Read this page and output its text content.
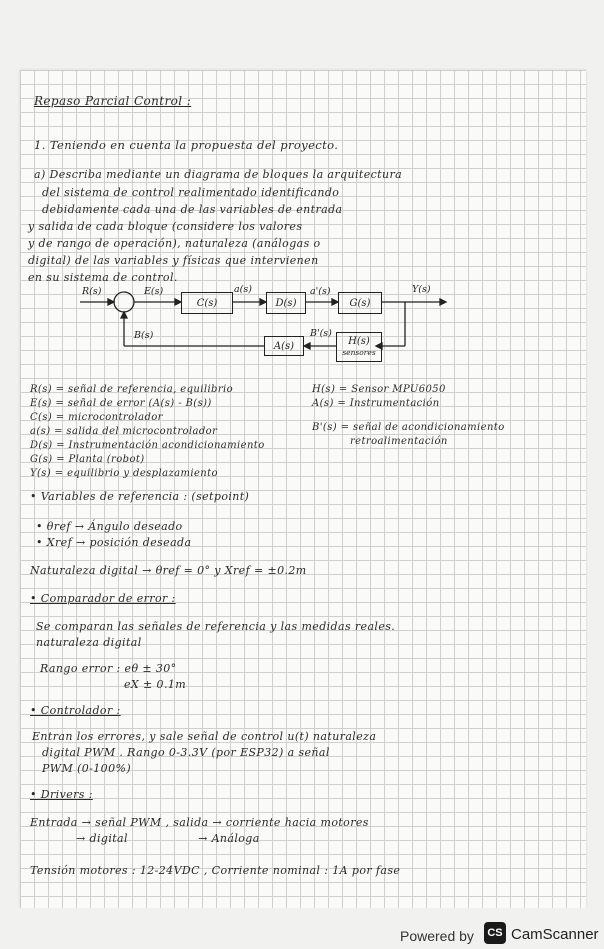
Repaso Parcial Control :
1. Teniendo en cuenta la propuesta del proyecto.
a) Describa mediante un diagrama de bloques la arquitectura
del sistema de control realimentado identificando
debidamente cada una de las variables de entrada
y salida de cada bloque (considere los valores
y de rango de operación), naturaleza (análogas o
digital) de las variables y físicas que intervienen
en su sistema de control.
R(s)	E(s)
C(s)
a(s)
D(s)
a'(s)
G(s)
Y(s)
B(s)
A(s)
B'(s)
H(s)
sensores
R(s) = señal de referencia, equilibrio
E(s) = señal de error (A(s) - B(s))
C(s) = microcontrolador
a(s) = salida del microcontrolador
D(s) = Instrumentación acondicionamiento
G(s) = Planta (robot)
Y(s) = equilibrio y desplazamiento
H(s) = Sensor MPU6050
A(s) = Instrumentación
B'(s) = señal de acondicionamiento
retroalimentación
• Variables de referencia : (setpoint)
• θref → Ángulo deseado
• Xref → posición deseada
Naturaleza digital → θref = 0° y Xref = ±0.2m
• Comparador de error :
Se comparan las señales de referencia y las medidas reales.
naturaleza digital
Rango error : eθ ± 30°
eX ± 0.1m
• Controlador :
Entran los errores, y sale señal de control u(t) naturaleza
digital PWM . Rango 0-3.3V (por ESP32) a señal
PWM (0-100%)
• Drivers :
Entrada → señal PWM , salida → corriente hacia motores
→ digital                  → Análoga
Tensión motores : 12-24VDC , Corriente nominal : 1A por fase
Powered by	CS CamScanner
